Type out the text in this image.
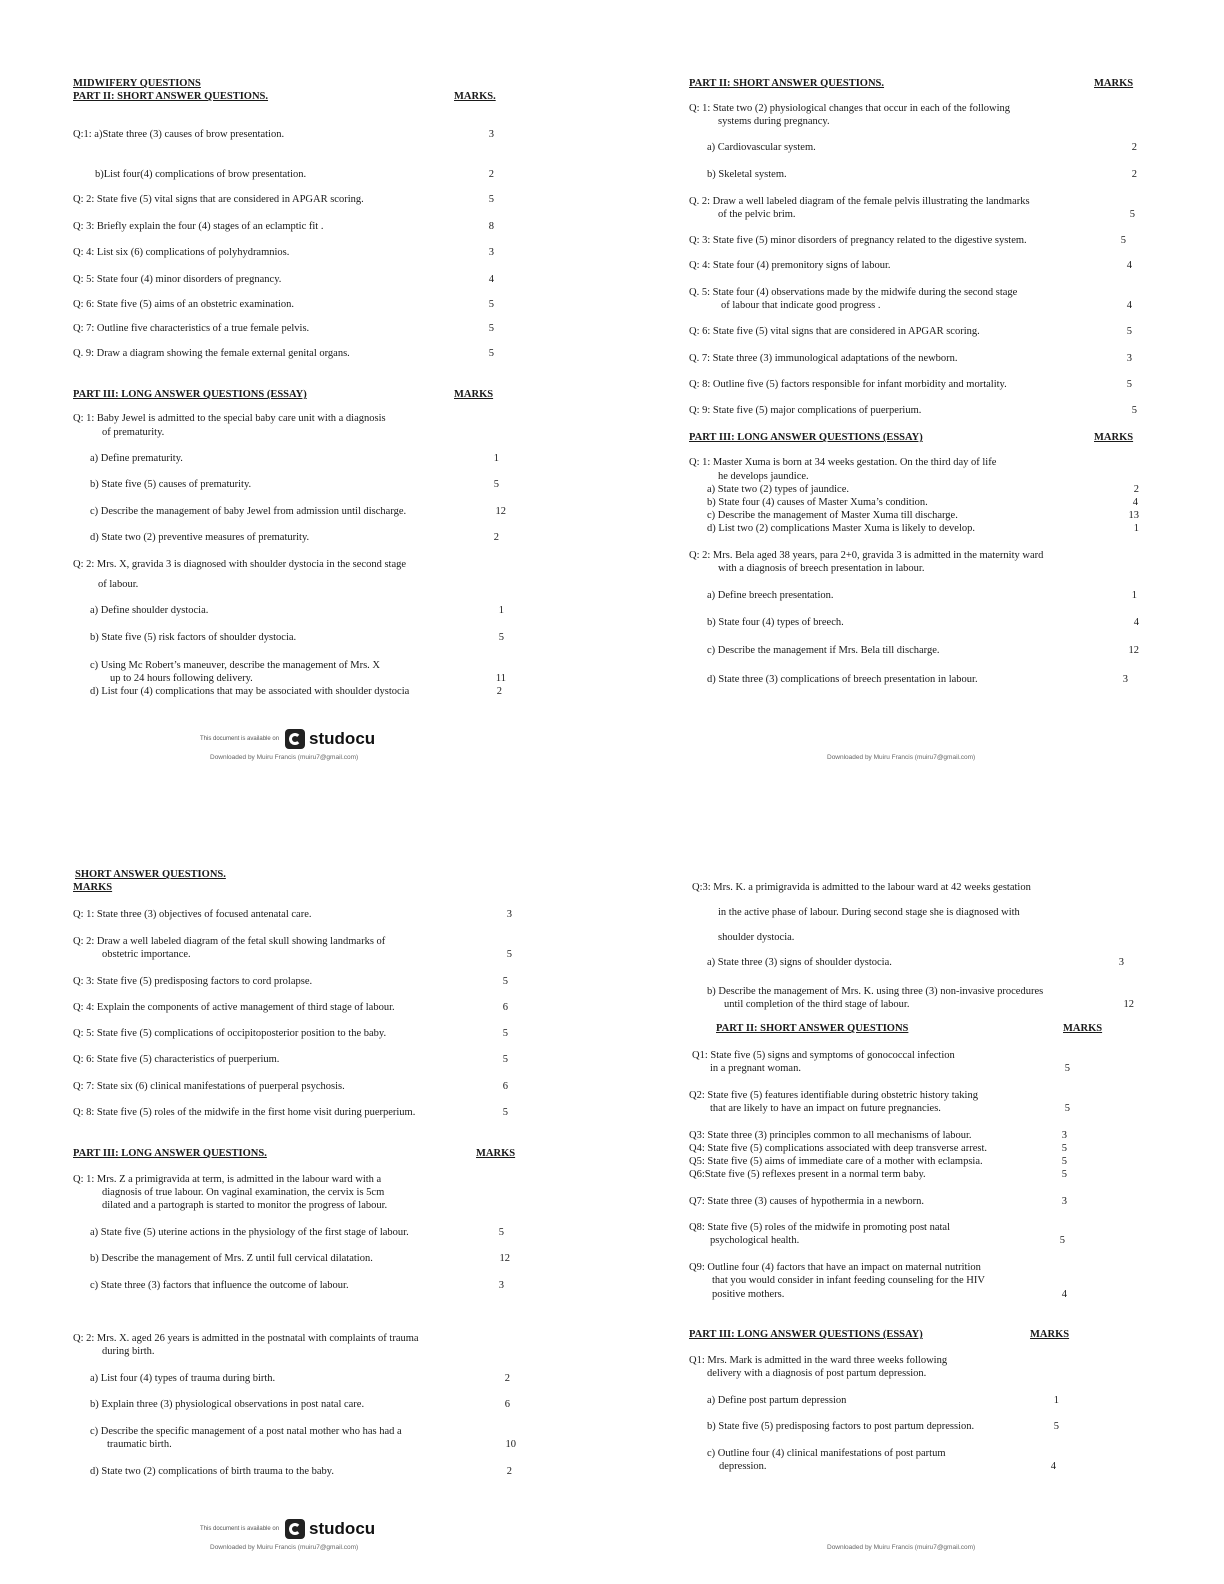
MIDWIFERY QUESTIONS
PART II: SHORT ANSWER QUESTIONS.	MARKS.
Q:1: a)State three (3) causes of brow presentation.	3
b)List four(4) complications of brow presentation.	2
Q: 2: State five (5) vital signs that are considered in APGAR scoring.	5
Q: 3: Briefly explain the four (4) stages of an eclamptic fit .	8
Q: 4: List six (6) complications of polyhydramnios.	3
Q: 5: State four (4) minor disorders of pregnancy.	4
Q: 6: State five (5) aims of an obstetric examination.	5
Q: 7: Outline five characteristics of a true female pelvis.	5
Q. 9: Draw a diagram showing the female external genital organs.	5
PART III: LONG ANSWER QUESTIONS (ESSAY)	MARKS
Q: 1: Baby Jewel is admitted to the special baby care unit with a diagnosis
of prematurity.
a) Define prematurity.	1
b) State five (5) causes of prematurity.	5
c) Describe the management of baby Jewel from admission until discharge.	12
d) State two (2) preventive measures of prematurity.	2
Q: 2: Mrs. X, gravida 3 is diagnosed with shoulder dystocia in the second stage
of labour.
a) Define shoulder dystocia.	1
b) State five (5) risk factors of shoulder dystocia.	5
c) Using Mc Robert’s maneuver, describe the management of Mrs. X
up to 24 hours following delivery.	11
d) List four (4) complications that may be associated with shoulder dystocia	2
This document is available on studocu
Downloaded by Muiru Francis (muiru7@gmail.com)
PART II: SHORT ANSWER QUESTIONS.	MARKS
Q: 1: State two (2) physiological changes that occur in each of the following
systems during pregnancy.
a) Cardiovascular system.	2
b) Skeletal system.	2
Q. 2: Draw a well labeled diagram of the female pelvis illustrating the landmarks
of the pelvic brim.	5
Q: 3: State five (5) minor disorders of pregnancy related to the digestive system.	5
Q: 4: State four (4) premonitory signs of labour.	4
Q. 5: State four (4) observations made by the midwife during the second stage
of labour that indicate good progress .	4
Q: 6: State five (5) vital signs that are considered in APGAR scoring.	5
Q. 7: State three (3) immunological adaptations of the newborn.	3
Q: 8: Outline five (5) factors responsible for infant morbidity and mortality.	5
Q: 9: State five (5) major complications of puerperium.	5
PART III: LONG ANSWER QUESTIONS (ESSAY)	MARKS
Q: 1: Master Xuma is born at 34 weeks gestation. On the third day of life
he develops jaundice.
a) State two (2) types of jaundice.	2
b) State four (4) causes of Master Xuma’s condition.	4
c) Describe the management of Master Xuma till discharge.	13
d) List two (2) complications Master Xuma is likely to develop.	1
Q: 2: Mrs. Bela aged 38 years, para 2+0, gravida 3 is admitted in the maternity ward
with a diagnosis of breech presentation in labour.
a) Define breech presentation.	1
b) State four (4) types of breech.	4
c) Describe the management if Mrs. Bela till discharge.	12
d) State three (3) complications of breech presentation in labour.	3
Downloaded by Muiru Francis (muiru7@gmail.com)
SHORT ANSWER QUESTIONS.
MARKS
Q: 1: State three (3) objectives of focused antenatal care.	3
Q: 2: Draw a well labeled diagram of the fetal skull showing landmarks of
obstetric importance.	5
Q: 3: State five (5) predisposing factors to cord prolapse.	5
Q: 4: Explain the components of active management of third stage of labour.	6
Q: 5: State five (5) complications of occipitoposterior position to the baby.	5
Q: 6: State five (5) characteristics of puerperium.	5
Q: 7: State six (6) clinical manifestations of puerperal psychosis.	6
Q: 8: State five (5) roles of the midwife in the first home visit during puerperium.	5
PART III: LONG ANSWER QUESTIONS.	MARKS
Q: 1: Mrs. Z a primigravida at term, is admitted in the labour ward with a
diagnosis of true labour. On vaginal examination, the cervix is 5cm
dilated and a partograph is started to monitor the progress of labour.
a) State five (5) uterine actions in the physiology of the first stage of labour.	5
b) Describe the management of Mrs. Z until full cervical dilatation.	12
c) State three (3) factors that influence the outcome of labour.	3
Q: 2: Mrs. X. aged 26 years is admitted in the postnatal with complaints of trauma
during birth.
a) List four (4) types of trauma during birth.	2
b) Explain three (3) physiological observations in post natal care.	6
c) Describe the specific management of a post natal mother who has had a
traumatic birth.	10
d) State two (2) complications of birth trauma to the baby.	2
This document is available on studocu
Downloaded by Muiru Francis (muiru7@gmail.com)
Q:3: Mrs. K. a primigravida is admitted to the labour ward at 42 weeks gestation
in the active phase of labour. During second stage she is diagnosed with
shoulder dystocia.
a) State three (3) signs of shoulder dystocia.	3
b) Describe the management of Mrs. K. using three (3) non-invasive procedures
until completion of the third stage of labour.	12
PART II: SHORT ANSWER QUESTIONS	MARKS
Q1: State five (5) signs and symptoms of gonococcal infection
in a pregnant woman.	5
Q2: State five (5) features identifiable during obstetric history taking
that are likely to have an impact on future pregnancies.	5
Q3: State three (3) principles common to all mechanisms of labour.	3
Q4: State five (5) complications associated with deep transverse arrest.	5
Q5: State five (5) aims of immediate care of a mother with eclampsia.	5
Q6:State five (5) reflexes present in a normal term baby.	5
Q7: State three (3) causes of hypothermia in a newborn.	3
Q8: State five (5) roles of the midwife in promoting post natal
psychological health.	5
Q9: Outline four (4) factors that have an impact on maternal nutrition
that you would consider in infant feeding counseling for the HIV
positive mothers.	4
PART III: LONG ANSWER QUESTIONS (ESSAY)	MARKS
Q1: Mrs. Mark is admitted in the ward three weeks following
delivery with a diagnosis of post partum depression.
a) Define post partum depression	1
b) State five (5) predisposing factors to post partum depression.	5
c) Outline four (4) clinical manifestations of post partum
depression.	4
Downloaded by Muiru Francis (muiru7@gmail.com)
